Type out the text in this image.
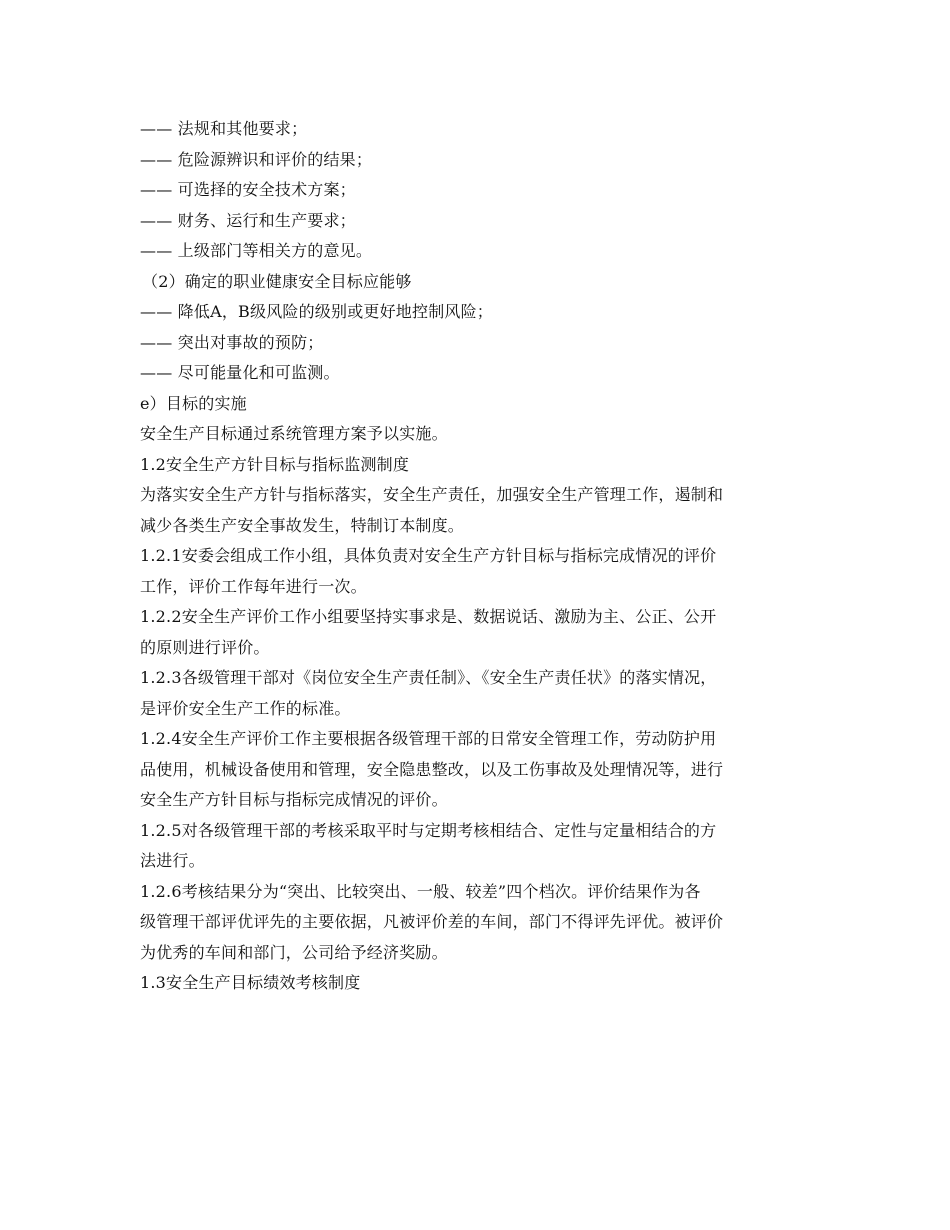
—— 法规和其他要求；
—— 危险源辨识和评价的结果；
—— 可选择的安全技术方案；
—— 财务、运行和生产要求；
—— 上级部门等相关方的意见。
（2）确定的职业健康安全目标应能够
—— 降低A，B级风险的级别或更好地控制风险；
—— 突出对事故的预防；
—— 尽可能量化和可监测。
e）目标的实施
安全生产目标通过系统管理方案予以实施。
1.2安全生产方针目标与指标监测制度
为落实安全生产方针与指标落实，安全生产责任，加强安全生产管理工作，遏制和
减少各类生产安全事故发生，特制订本制度。
1.2.1安委会组成工作小组，具体负责对安全生产方针目标与指标完成情况的评价
工作，评价工作每年进行一次。
1.2.2安全生产评价工作小组要坚持实事求是、数据说话、激励为主、公正、公开
的原则进行评价。
1.2.3各级管理干部对《岗位安全生产责任制》、《安全生产责任状》的落实情况，
是评价安全生产工作的标准。
1.2.4安全生产评价工作主要根据各级管理干部的日常安全管理工作，劳动防护用
品使用，机械设备使用和管理，安全隐患整改，以及工伤事故及处理情况等，进行
安全生产方针目标与指标完成情况的评价。
1.2.5对各级管理干部的考核采取平时与定期考核相结合、定性与定量相结合的方
法进行。
1.2.6考核结果分为“突出、比较突出、一般、较差”四个档次。评价结果作为各
级管理干部评优评先的主要依据，凡被评价差的车间，部门不得评先评优。被评价
为优秀的车间和部门，公司给予经济奖励。
1.3安全生产目标绩效考核制度
